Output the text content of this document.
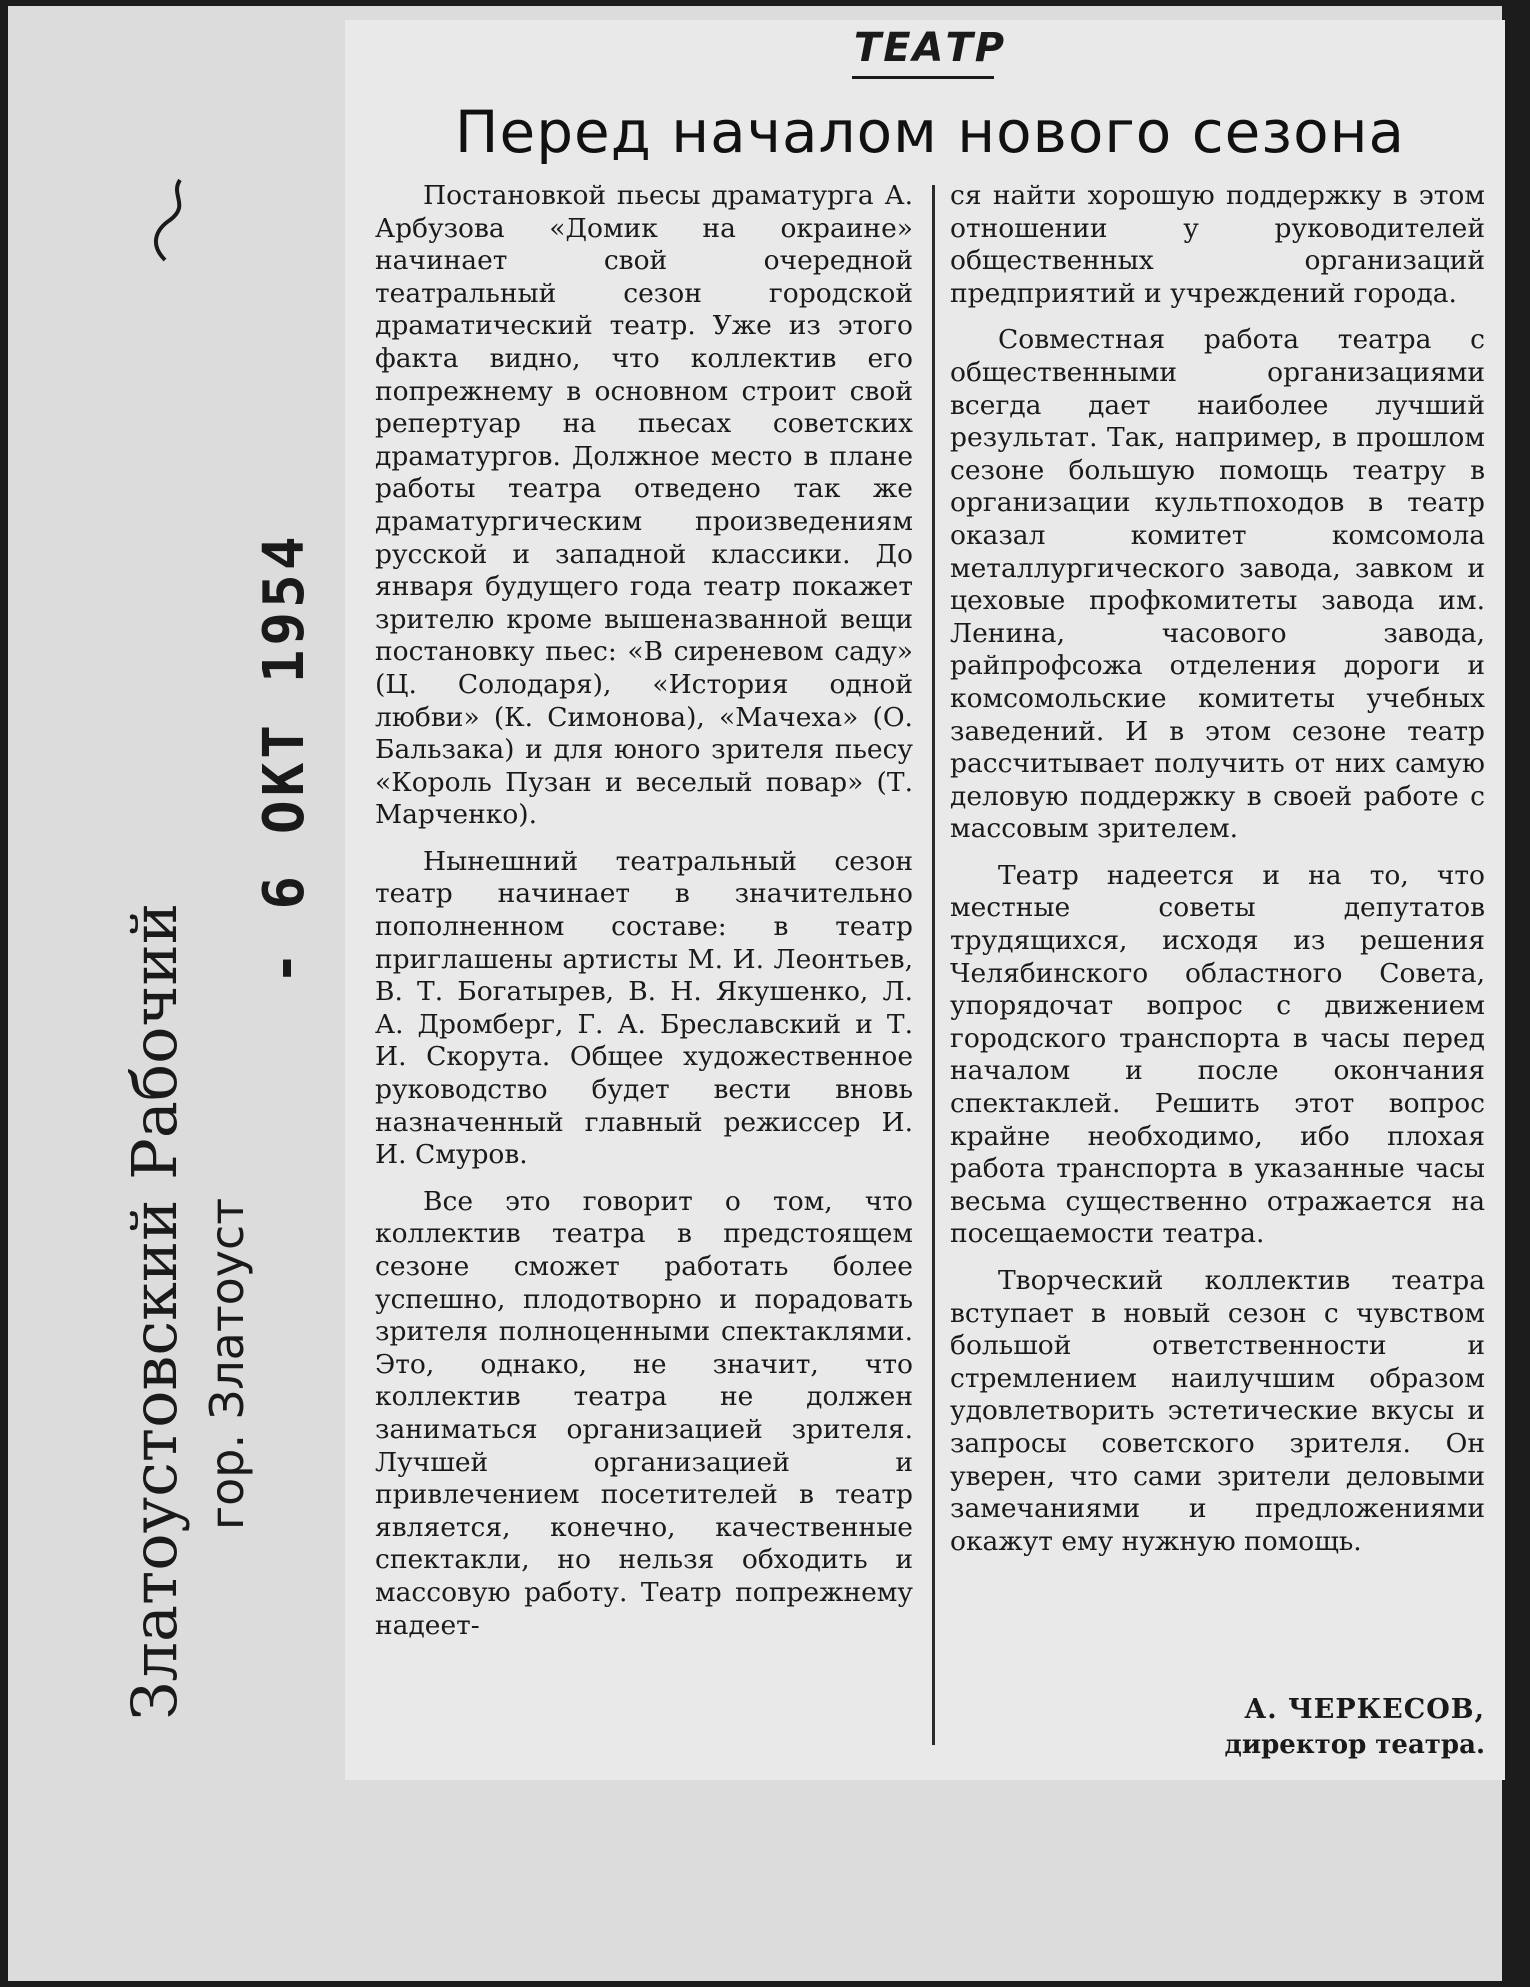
ТЕАТР
Перед началом нового сезона

Постановкой пьесы драматурга А. Арбузова «Домик на окраине» начинает свой очередной театральный сезон городской драматический театр. Уже из этого факта видно, что коллектив его попрежнему в основном строит свой репертуар на пьесах советских драматургов. Должное место в плане работы театра отведено так же драматургическим произведениям русской и западной классики. До января будущего года театр покажет зрителю кроме вышеназванной вещи постановку пьес: «В сиреневом саду» (Ц. Солодаря), «История одной любви» (К. Симонова), «Мачеха» (О. Бальзака) и для юного зрителя пьесу «Король Пузан и веселый повар» (Т. Марченко).

Нынешний театральный сезон театр начинает в значительно пополненном составе: в театр приглашены артисты М. И. Леонтьев, В. Т. Богатырев, В. Н. Якушенко, Л. А. Дромберг, Г. А. Бреславский и Т. И. Скорута. Общее художественное руководство будет вести вновь назначенный главный режиссер И. И. Смуров.

Все это говорит о том, что коллектив театра в предстоящем сезоне сможет работать более успешно, плодотворно и порадовать зрителя полноценными спектаклями. Это, однако, не значит, что коллектив театра не должен заниматься организацией зрителя. Лучшей организацией и привлечением посетителей в театр является, конечно, качественные спектакли, но нельзя обходить и массовую работу. Театр попрежнему надеет-

ся найти хорошую поддержку в этом отношении у руководителей общественных организаций предприятий и учреждений города.

Совместная работа театра с общественными организациями всегда дает наиболее лучший результат. Так, например, в прошлом сезоне большую помощь театру в организации культпоходов в театр оказал комитет комсомола металлургического завода, завком и цеховые профкомитеты завода им. Ленина, часового завода, райпрофсожа отделения дороги и комсомольские комитеты учебных заведений. И в этом сезоне театр рассчитывает получить от них самую деловую поддержку в своей работе с массовым зрителем.

Театр надеется и на то, что местные советы депутатов трудящихся, исходя из решения Челябинского областного Совета, упорядочат вопрос с движением городского транспорта в часы перед началом и после окончания спектаклей. Решить этот вопрос крайне необходимо, ибо плохая работа транспорта в указанные часы весьма существенно отражается на посещаемости театра.

Творческий коллектив театра вступает в новый сезон с чувством большой ответственности и стремлением наилучшим образом удовлетворить эстетические вкусы и запросы советского зрителя. Он уверен, что сами зрители деловыми замечаниями и предложениями окажут ему нужную помощь.

А. ЧЕРКЕСОВ,
директор театра.
Златоустовский Рабочий гор. Златоуст
- 6 ОКТ 1954
